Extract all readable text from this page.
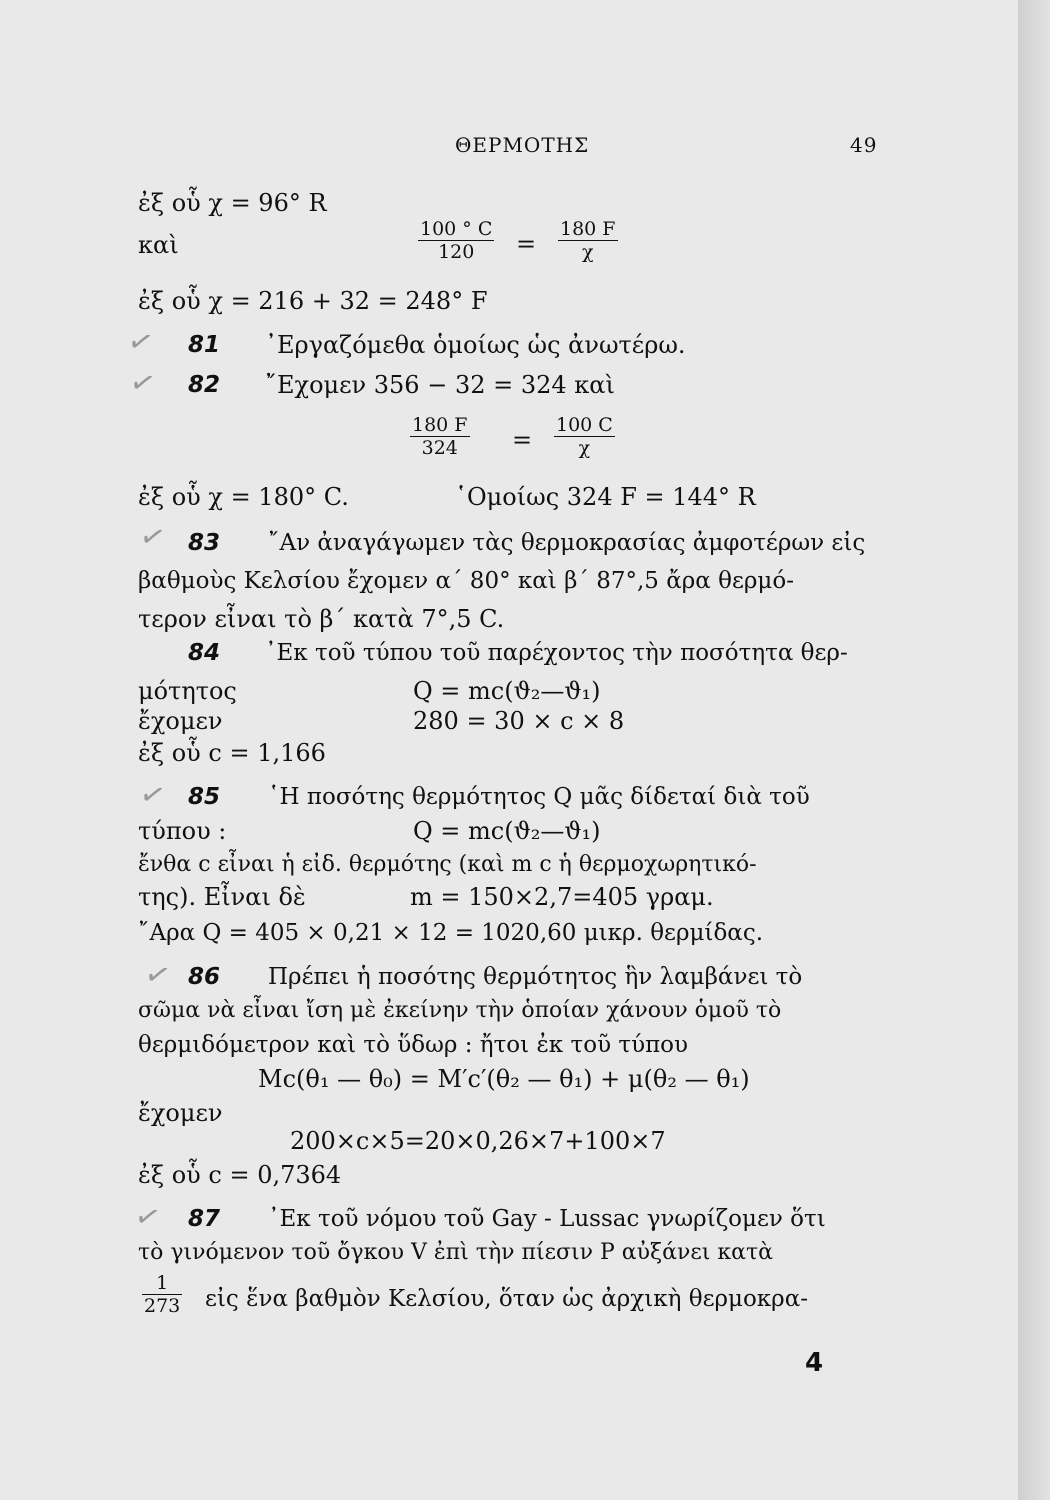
ΘΕΡΜΟΤΗΣ	49
ἐξ οὗ χ = 96° R
καὶ	$\frac{100 ^\circ C}{120} = \frac{180 F}{\chi}$
ἐξ οὗ χ = 216 + 32 = 248° F
81 ᾿Εργαζόμεθα ὁμοίως ὡς ἀνωτέρω.
82 ῎Εχομεν 356 − 32 = 324 καὶ
$\frac{180 F}{324} = \frac{100 C}{\chi}$
ἐξ οὗ χ = 180° C.	῾Ομοίως 324 F = 144° R
83 ῎Αν ἀναγάγωμεν τὰς θερμοκρασίας ἀμφοτέρων εἰς
βαθμοὺς Κελσίου ἔχομεν α΄ 80° καὶ β΄ 87°,5 ἄρα θερμό-
τερον εἶναι τὸ β΄ κατὰ 7°,5 C.
84 ᾿Εκ τοῦ τύπου τοῦ παρέχοντος τὴν ποσότητα θερ-
μότητος	Q = mc(ϑ₂—ϑ₁)
ἔχομεν	280 = 30 × c × 8
ἐξ οὗ c = 1,166
85 ῾Η ποσότης θερμότητος Q μᾶς δίδεταί διὰ τοῦ
τύπου :	Q = mc(ϑ₂—ϑ₁)
ἔνθα c εἶναι ἡ εἰδ. θερμότης (καὶ m c ἡ θερμοχωρητικό-
της). Εἶναι δὲ	m = 150×2,7=405 γραμ.
῎Αρα Q = 405 × 0,21 × 12 = 1020,60 μικρ. θερμίδας.
86 Πρέπει ἡ ποσότης θερμότητος ἣν λαμβάνει τὸ
σῶμα νὰ εἶναι ἴση μὲ ἐκείνην τὴν ὁποίαν χάνουν ὁμοῦ τὸ
θερμιδόμετρον καὶ τὸ ὕδωρ : ἤτοι ἐκ τοῦ τύπου
Mc(θ₁ — θ₀) = M′c′(θ₂ — θ₁) + μ(θ₂ — θ₁)
ἔχομεν
200×c×5=20×0,26×7+100×7
ἐξ οὗ c = 0,7364
87 ᾿Εκ τοῦ νόμου τοῦ Gay - Lussac γνωρίζομεν ὅτι
τὸ γινόμενον τοῦ ὄγκου V ἐπὶ τὴν πίεσιν P αὐξάνει κατὰ
$\frac{1}{273}$ εἰς ἕνα βαθμὸν Κελσίου, ὅταν ὡς ἀρχικὴ θερμοκρα-
4
✓
✓
✓
✓
✓
✓
